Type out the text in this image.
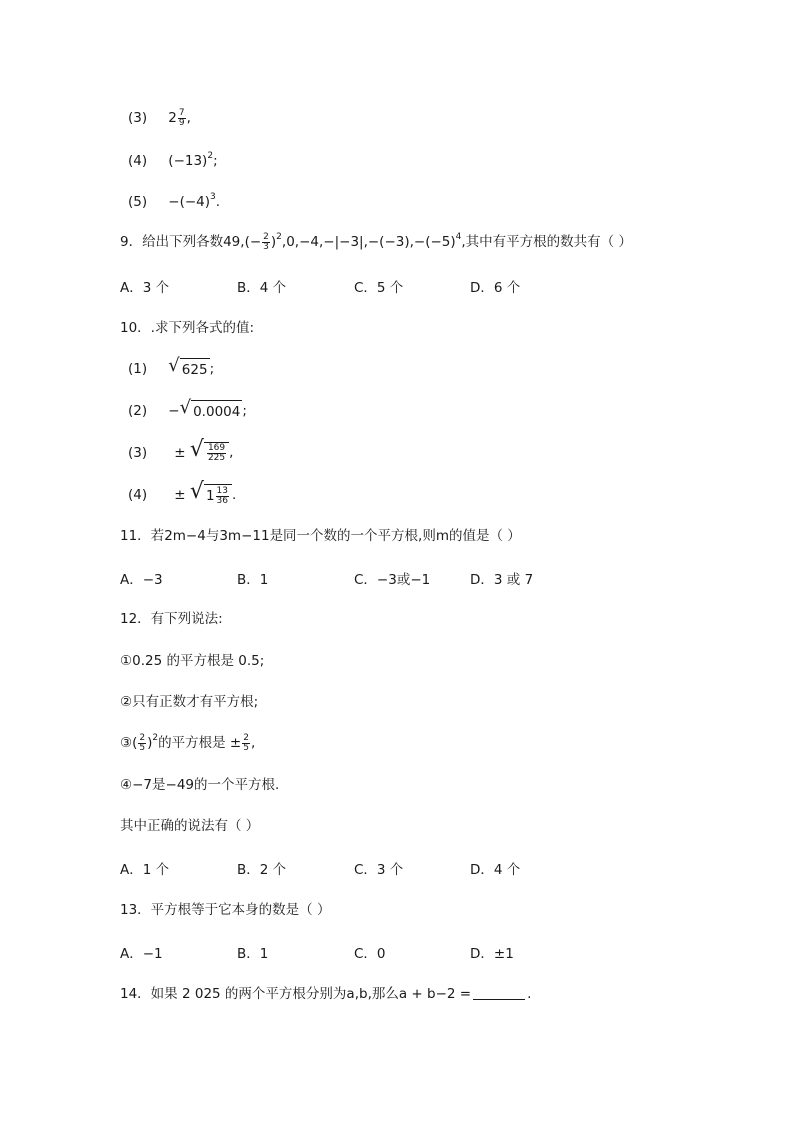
(3) $2 \frac{7}{9}$ ,
(4) $(-13)^2$;
$(5) -(-4)^3$.
9．给出下列各数$49,(- \frac{2}{3} )^2,0,-4,-|-3|,-(-3),-(-5)^4$,其中有平方根的数共有（ ）
A．3 个	B．4 个	C．5 个	D．6 个
10．.求下列各式的值:
(1) √ 625 ;
(2) − √ 0.0004 ;
(3) ± √ $\frac{169}{225}$ ,
(4) ± √ $1 \frac{13}{36}$ .
11．若2m−4与3m−11是同一个数的一个平方根,则m的值是（ ）
A．−3	B．1	C．−3或−1	D．3 或 7
12．有下列说法:
①0.25 的平方根是 0.5;
②只有正数才有平方根;
③( $\frac{2}{5} )^2$的平方根是 ± $\frac{2}{5}$ ,
④−7是−49的一个平方根.
其中正确的说法有（ ）
A．1 个	B．2 个	C．3 个	D．4 个
13．平方根等于它本身的数是（ ）
A．−1	B．1	C．0	D．±1
14．如果 2 025 的两个平方根分别为a,b,那么a + b−2 =	.
